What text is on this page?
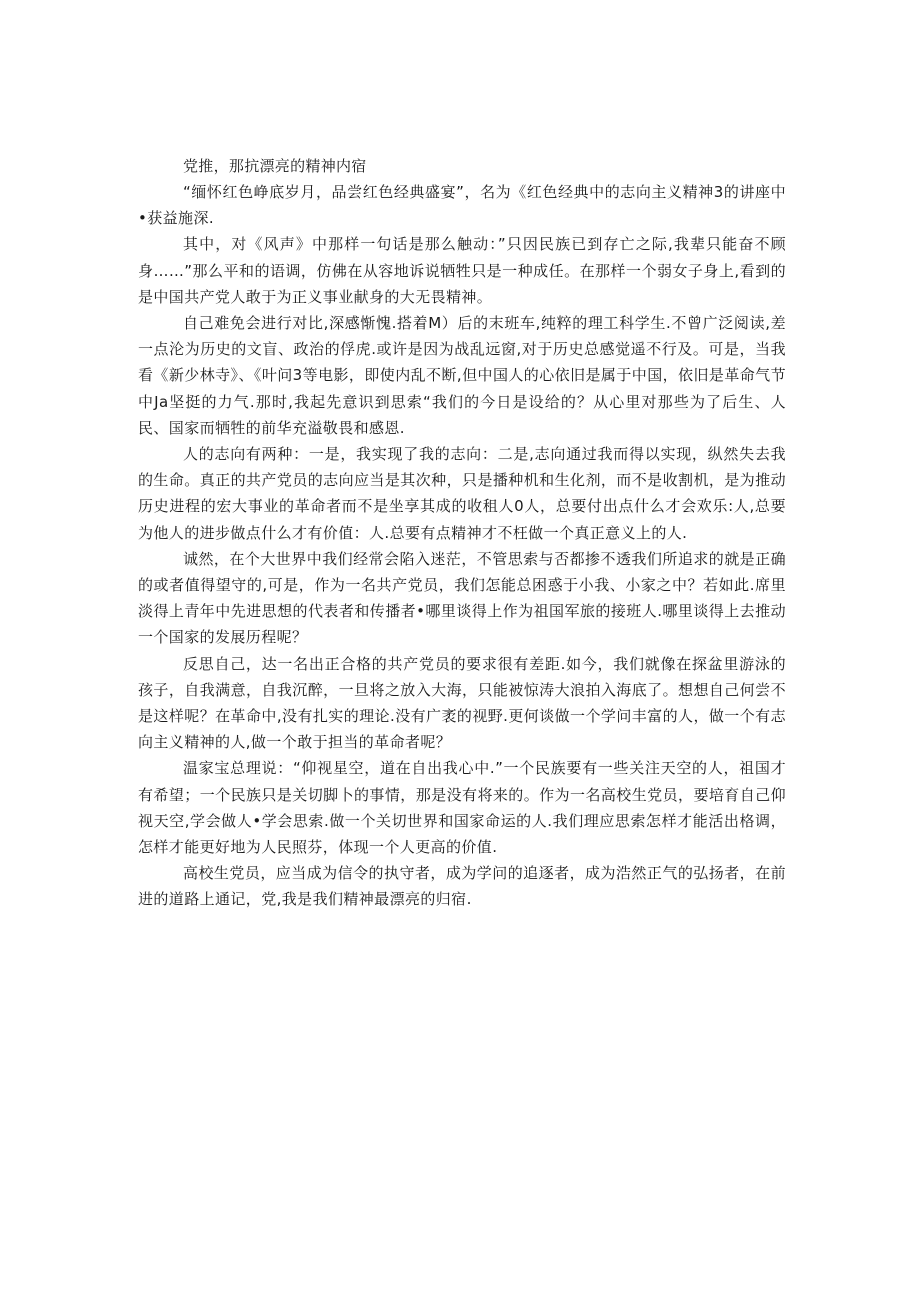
党推，那抗漂亮的精神内宿

“缅怀红色峥底岁月，品尝红色经典盛宴”，名为《红色经典中的志向主义精神3的讲座中•获益施深.

其中，对《风声》中那样一句话是那么触动：”只因民族已到存亡之际,我辈只能奋不顾身……”那么平和的语调，仿佛在从容地诉说牺牲只是一种成任。在那样一个弱女子身上,看到的是中国共产党人敢于为正义事业献身的大无畏精神。

自己难免会进行对比,深感惭愧.搭着M）后的末班车,纯粹的理工科学生.不曾广泛阅读,差一点沦为历史的文盲、政治的俘虎.或许是因为战乱远窗,对于历史总感觉遥不行及。可是，当我看《新少林寺》、《叶问3等电影，即使内乱不断,但中国人的心依旧是属于中国，依旧是革命气节中Ja坚挺的力气.那时,我起先意识到思索“我们的今日是设给的？从心里对那些为了后生、人民、国家而牺牲的前华充溢敬畏和感恩.

人的志向有两种：一是，我实现了我的志向：二是,志向通过我而得以实现，纵然失去我的生命。真正的共产党员的志向应当是其次种，只是播种机和生化剂，而不是收割机，是为推动历史进程的宏大事业的革命者而不是坐享其成的收租人0人，总要付出点什么才会欢乐:人,总要为他人的进步做点什么才有价值：人.总要有点精神才不枉做一个真正意义上的人.

诚然，在个大世界中我们经常会陷入迷茫，不管思索与否都掺不透我们所追求的就是正确的或者值得望守的,可是，作为一名共产党员，我们怎能总困惑于小我、小家之中？若如此.席里淡得上青年中先进思想的代表者和传播者•哪里谈得上作为祖国军旅的接班人.哪里谈得上去推动一个国家的发展历程呢？

反思自己，达一名出正合格的共产党员的要求很有差距.如今，我们就像在探盆里游泳的孩子，自我满意，自我沉醉，一旦将之放入大海，只能被惊涛大浪拍入海底了。想想自己何尝不是这样呢？在革命中,没有扎实的理论.没有广袤的视野.更何谈做一个学问丰富的人，做一个有志向主义精神的人,做一个敢于担当的革命者呢？

温家宝总理说：“仰视星空，道在自出我心中.”一个民族要有一些关注天空的人，祖国才有希望；一个民族只是关切脚卜的事情，那是没有将来的。作为一名高校生党员，要培育自己仰视天空,学会做人•学会思索.做一个关切世界和国家命运的人.我们理应思索怎样才能活出格调，怎样才能更好地为人民照芬，体现一个人更高的价值.

高校生党员，应当成为信令的执守者，成为学问的追逐者，成为浩然正气的弘扬者，在前进的道路上通记，党,我是我们精神最漂亮的归宿.
